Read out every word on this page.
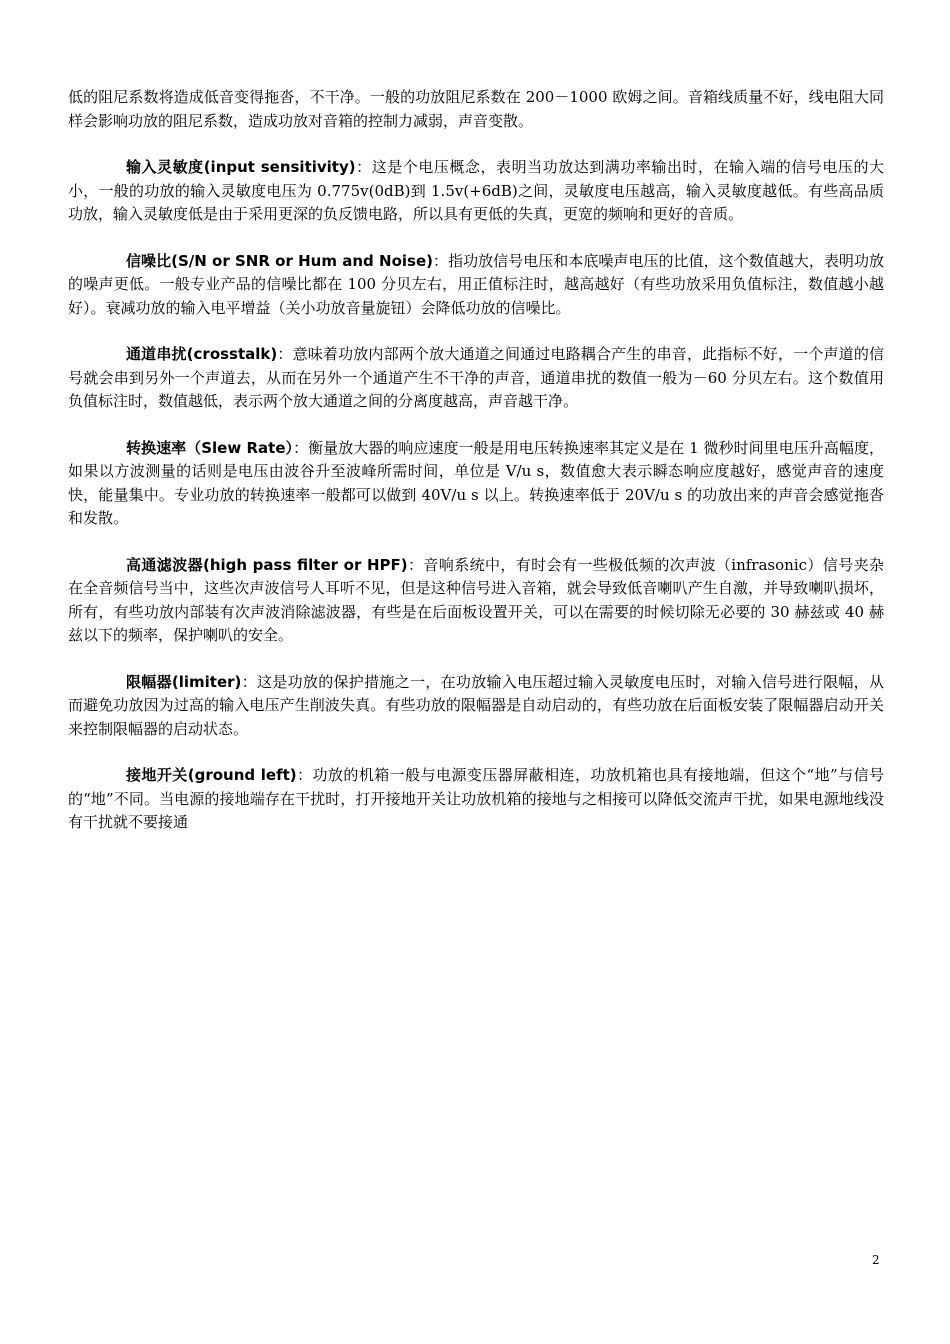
低的阻尼系数将造成低音变得拖沓，不干净。一般的功放阻尼系数在 200－1000 欧姆之间。音箱线质量不好，线电阻大同样会影响功放的阻尼系数，造成功放对音箱的控制力减弱，声音变散。

输入灵敏度(input sensitivity)：这是个电压概念，表明当功放达到满功率输出时，在输入端的信号电压的大小，一般的功放的输入灵敏度电压为 0.775v(0dB)到 1.5v(+6dB)之间，灵敏度电压越高，输入灵敏度越低。有些高品质功放，输入灵敏度低是由于采用更深的负反馈电路，所以具有更低的失真，更宽的频响和更好的音质。

信噪比(S/N or SNR or Hum and Noise)：指功放信号电压和本底噪声电压的比值，这个数值越大，表明功放的噪声更低。一般专业产品的信噪比都在 100 分贝左右，用正值标注时，越高越好（有些功放采用负值标注，数值越小越好）。衰减功放的输入电平增益（关小功放音量旋钮）会降低功放的信噪比。

通道串扰(crosstalk)：意味着功放内部两个放大通道之间通过电路耦合产生的串音，此指标不好，一个声道的信号就会串到另外一个声道去，从而在另外一个通道产生不干净的声音，通道串扰的数值一般为－60 分贝左右。这个数值用负值标注时，数值越低，表示两个放大通道之间的分离度越高，声音越干净。

转换速率（Slew Rate）：衡量放大器的响应速度一般是用电压转换速率其定义是在 1 微秒时间里电压升高幅度，如果以方波测量的话则是电压由波谷升至波峰所需时间，单位是 V/u s，数值愈大表示瞬态响应度越好，感觉声音的速度快，能量集中。专业功放的转换速率一般都可以做到 40V/u s 以上。转换速率低于 20V/u s 的功放出来的声音会感觉拖沓和发散。

高通滤波器(high pass filter or HPF)：音响系统中，有时会有一些极低频的次声波（infrasonic）信号夹杂在全音频信号当中，这些次声波信号人耳听不见，但是这种信号进入音箱，就会导致低音喇叭产生自激，并导致喇叭损坏，所有，有些功放内部装有次声波消除滤波器，有些是在后面板设置开关，可以在需要的时候切除无必要的 30 赫兹或 40 赫兹以下的频率，保护喇叭的安全。

限幅器(limiter)：这是功放的保护措施之一，在功放输入电压超过输入灵敏度电压时，对输入信号进行限幅，从而避免功放因为过高的输入电压产生削波失真。有些功放的限幅器是自动启动的，有些功放在后面板安装了限幅器启动开关来控制限幅器的启动状态。

接地开关(ground left)：功放的机箱一般与电源变压器屏蔽相连，功放机箱也具有接地端，但这个“地”与信号的“地”不同。当电源的接地端存在干扰时，打开接地开关让功放机箱的接地与之相接可以降低交流声干扰，如果电源地线没有干扰就不要接通

2
